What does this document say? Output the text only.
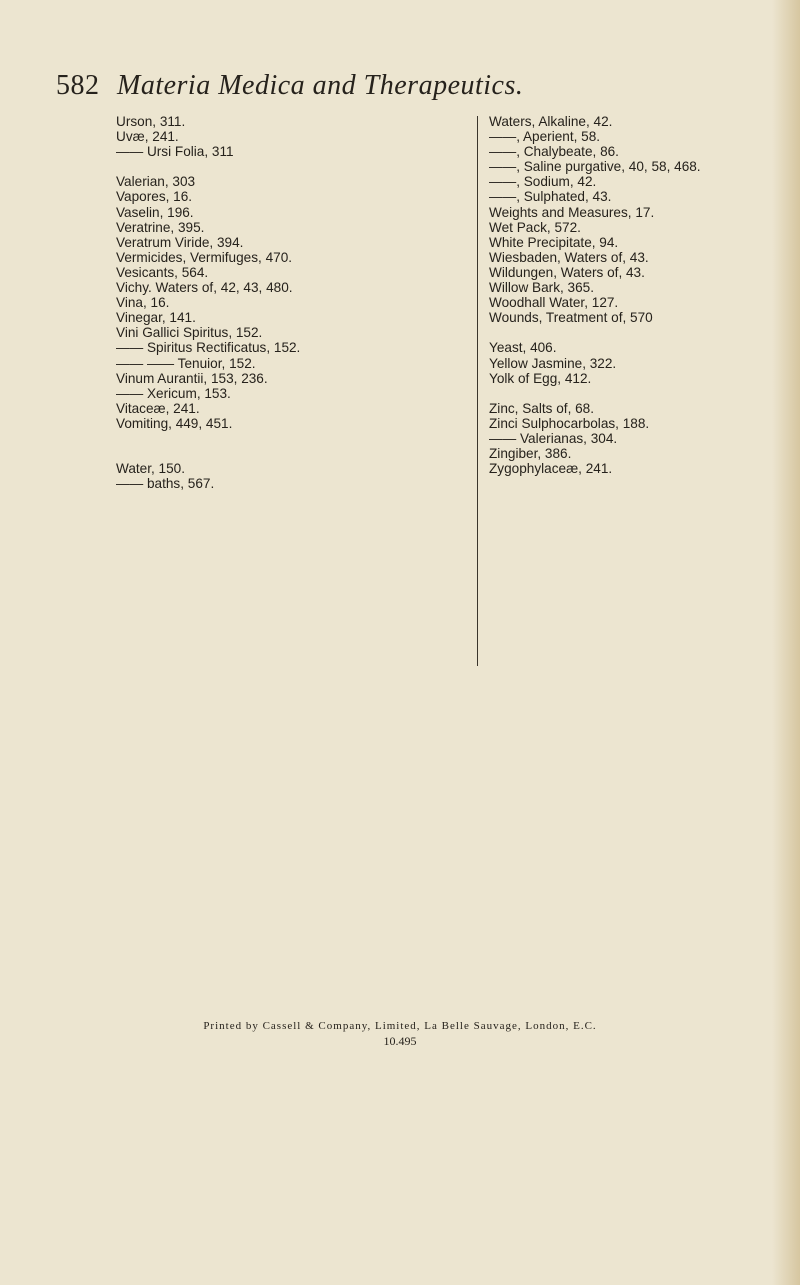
582 Materia Medica and Therapeutics.
Urson, 311.
Uvæ, 241.
—— Ursi Folia, 311
Valerian, 303
Vapores, 16.
Vaselin, 196.
Veratrine, 395.
Veratrum Viride, 394.
Vermicides, Vermifuges, 470.
Vesicants, 564.
Vichy. Waters of, 42, 43, 480.
Vina, 16.
Vinegar, 141.
Vini Gallici Spiritus, 152.
—— Spiritus Rectificatus, 152.
—— —— Tenuior, 152.
Vinum Aurantii, 153, 236.
—— Xericum, 153.
Vitaceæ, 241.
Vomiting, 449, 451.
Water, 150.
—— baths, 567.
Waters, Alkaline, 42.
——, Aperient, 58.
——, Chalybeate, 86.
——, Saline purgative, 40, 58, 468.
——, Sodium, 42.
——, Sulphated, 43.
Weights and Measures, 17.
Wet Pack, 572.
White Precipitate, 94.
Wiesbaden, Waters of, 43.
Wildungen, Waters of, 43.
Willow Bark, 365.
Woodhall Water, 127.
Wounds, Treatment of, 570
Yeast, 406.
Yellow Jasmine, 322.
Yolk of Egg, 412.
Zinc, Salts of, 68.
Zinci Sulphocarbolas, 188.
—— Valerianas, 304.
Zingiber, 386.
Zygophylaceæ, 241.
Printed by Cassell & Company, Limited, La Belle Sauvage, London, E.C.
10.495
